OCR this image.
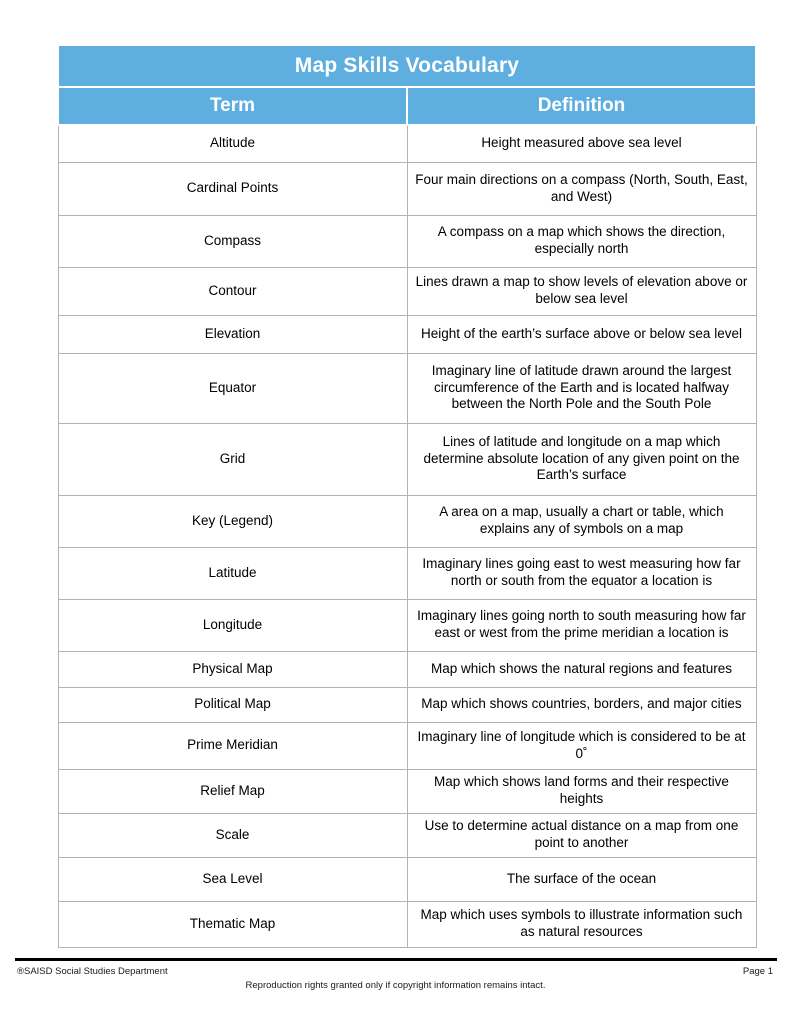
Map Skills Vocabulary	
Term	Definition
Altitude	Height measured above sea level
Cardinal Points	Four main directions on a compass (North, South, East, and West)
Compass	A compass on a map which shows the direction, especially north
Contour	Lines drawn a map to show levels of elevation above or below sea level
Elevation	Height of the earth’s surface above or below sea level
Equator	Imaginary line of latitude drawn around the largest circumference of the Earth and is located halfway between the North Pole and the South Pole
Grid	Lines of latitude and longitude on a map which determine absolute location of any given point on the Earth’s surface
Key (Legend)	A area on a map, usually a chart or table, which explains any of symbols on a map
Latitude	Imaginary lines going east to west measuring how far north or south from the equator a location is
Longitude	Imaginary lines going north to south measuring how far east or west from the prime meridian a location is
Physical Map	Map which shows the natural regions and features
Political Map	Map which shows countries, borders, and major cities
Prime Meridian	Imaginary line of longitude which is considered to be at 0˚
Relief Map	Map which shows land forms and their respective heights
Scale	Use to determine actual distance on a map from one point to another
Sea Level	The surface of the ocean
Thematic Map	Map which uses symbols to illustrate information such as natural resources
®SAISD Social Studies Department	Page 1
Reproduction rights granted only if copyright information remains intact.
